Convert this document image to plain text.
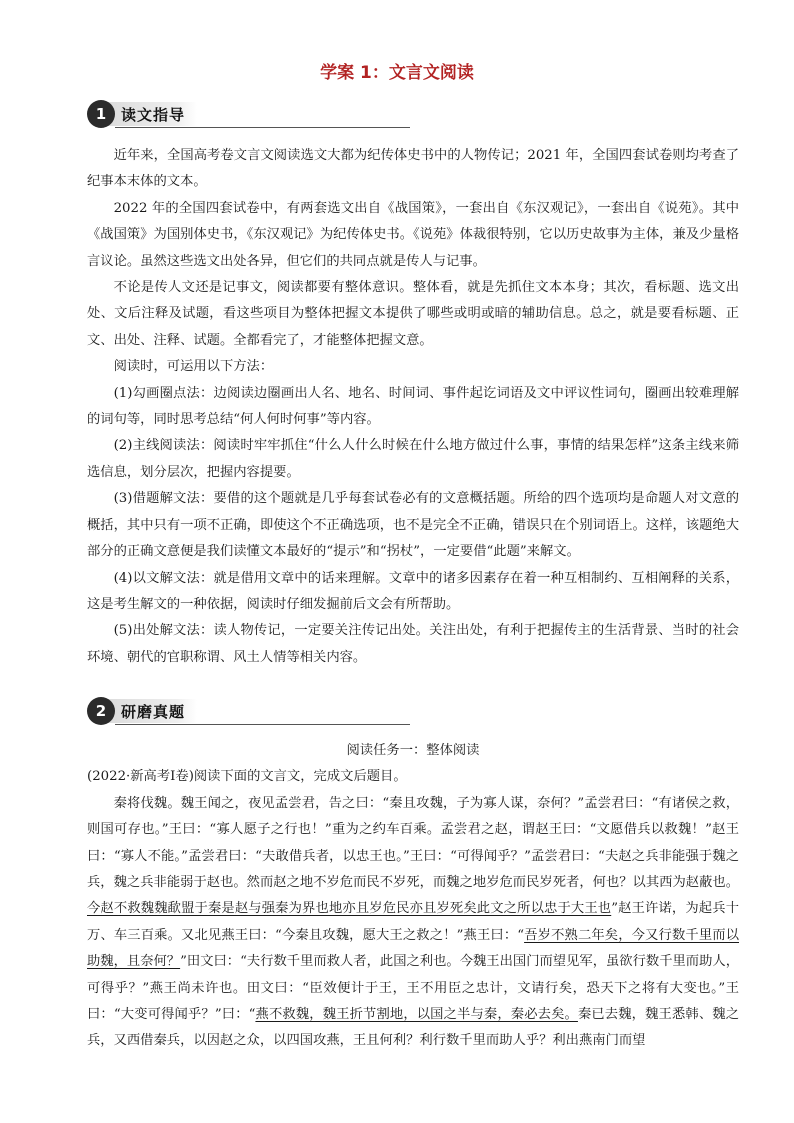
学案 1：文言文阅读
1 读文指导

近年来，全国高考卷文言文阅读选文大都为纪传体史书中的人物传记；2021 年，全国四套试卷则均考查了纪事本末体的文本。

2022 年的全国四套试卷中，有两套选文出自《战国策》，一套出自《东汉观记》，一套出自《说苑》。其中《战国策》为国别体史书，《东汉观记》为纪传体史书。《说苑》体裁很特别，它以历史故事为主体，兼及少量格言议论。虽然这些选文出处各异，但它们的共同点就是传人与记事。

不论是传人文还是记事文，阅读都要有整体意识。整体看，就是先抓住文本本身；其次，看标题、选文出处、文后注释及试题，看这些项目为整体把握文本提供了哪些或明或暗的辅助信息。总之，就是要看标题、正文、出处、注释、试题。全都看完了，才能整体把握文意。

阅读时，可运用以下方法：

(1)勾画圈点法：边阅读边圈画出人名、地名、时间词、事件起讫词语及文中评议性词句，圈画出较难理解的词句等，同时思考总结“何人何时何事”等内容。

(2)主线阅读法：阅读时牢牢抓住“什么人什么时候在什么地方做过什么事，事情的结果怎样”这条主线来筛选信息，划分层次，把握内容提要。

(3)借题解文法：要借的这个题就是几乎每套试卷必有的文意概括题。所给的四个选项均是命题人对文意的概括，其中只有一项不正确，即使这个不正确选项，也不是完全不正确，错误只在个别词语上。这样，该题绝大部分的正确文意便是我们读懂文本最好的“提示”和“拐杖”，一定要借“此题”来解文。

(4)以文解文法：就是借用文章中的话来理解。文章中的诸多因素存在着一种互相制约、互相阐释的关系，这是考生解文的一种依据，阅读时仔细发掘前后文会有所帮助。

(5)出处解文法：读人物传记，一定要关注传记出处。关注出处，有利于把握传主的生活背景、当时的社会环境、朝代的官职称谓、风土人情等相关内容。

2 研磨真题

阅读任务一：整体阅读

(2022·新高考Ⅰ卷)阅读下面的文言文，完成文后题目。

秦将伐魏。魏王闻之，夜见孟尝君，告之曰：“秦且攻魏，子为寡人谋，奈何？”孟尝君曰：“有诸侯之救，则国可存也。”王曰：“寡人愿子之行也！”重为之约车百乘。孟尝君之赵，谓赵王曰：“文愿借兵以救魏！”赵王曰：“寡人不能。”孟尝君曰：“夫敢借兵者，以忠王也。”王曰：“可得闻乎？”孟尝君曰：“夫赵之兵非能强于魏之兵，魏之兵非能弱于赵也。然而赵之地不岁危而民不岁死，而魏之地岁危而民岁死者，何也？以其西为赵蔽也。今赵不救魏魏歃盟于秦是赵与强秦为界也地亦且岁危民亦且岁死矣此文之所以忠于大王也”赵王许诺，为起兵十万、车三百乘。又北见燕王曰：“今秦且攻魏，愿大王之救之！”燕王曰：“吾岁不熟二年矣，今又行数千里而以助魏，且奈何？”田文曰：“夫行数千里而救人者，此国之利也。今魏王出国门而望见军，虽欲行数千里而助人，可得乎？”燕王尚未许也。田文曰：“臣效便计于王，王不用臣之忠计，文请行矣，恐天下之将有大变也。”王曰：“大变可得闻乎？”曰：“燕不救魏，魏王折节割地，以国之半与秦，秦必去矣。秦已去魏，魏王悉韩、魏之兵，又西借秦兵，以因赵之众，以四国攻燕，王且何利？利行数千里而助人乎？利出燕南门而望
